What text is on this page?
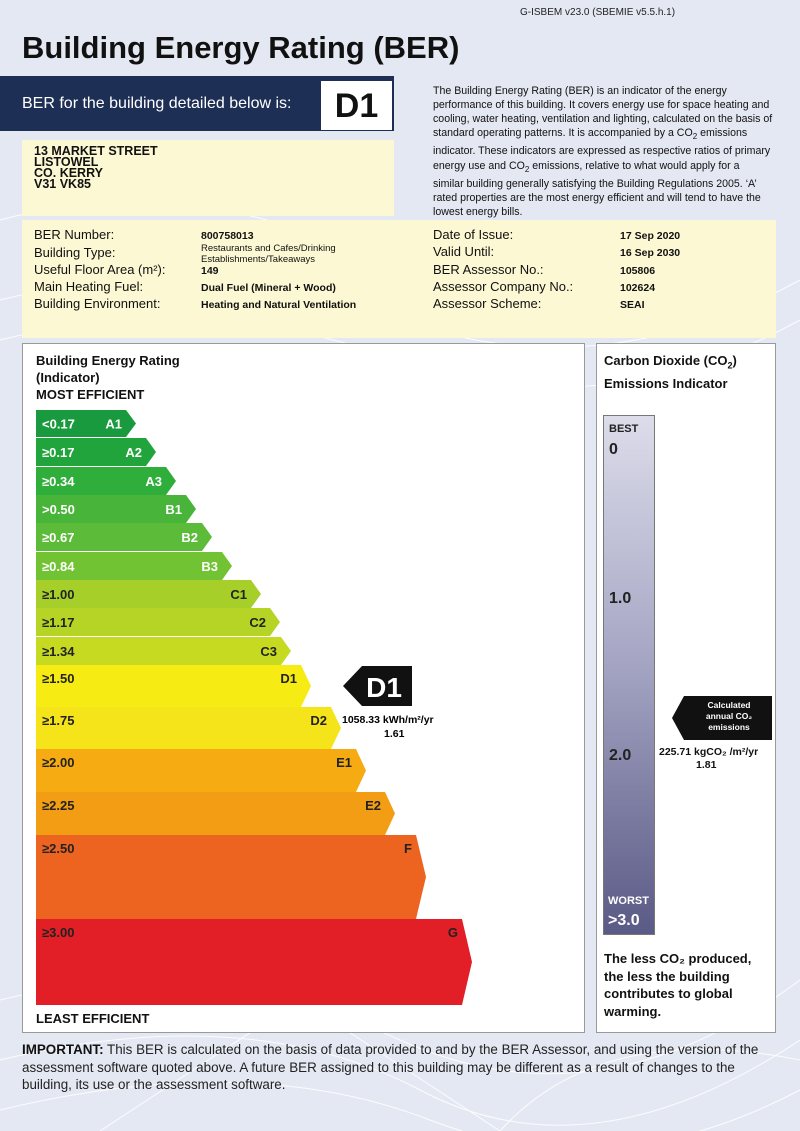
G-ISBEM v23.0 (SBEMIE v5.5.h.1)
Building Energy Rating (BER)
BER for the building detailed below is:	D1	The Building Energy Rating (BER) is an indicator of the energy performance of this building. It covers energy use for space heating and cooling, water heating, ventilation and lighting, calculated on the basis of standard operating patterns. It is accompanied by a $CO_2$ emissions indicator. These indicators are expressed as respective ratios of primary energy use and $CO_2$ emissions, relative to what would apply for a similar building generally satisfying the Building Regulations 2005. ‘A’ rated properties are the most energy efficient and will tend to have the lowest energy bills.
13 MARKET STREET
LISTOWEL
CO. KERRY
V31 VK85
BER Number:	800758013
Building Type:	Restaurants and Cafes/Drinking Establishments/Takeaways
Useful Floor Area (m²):	149
Main Heating Fuel:	Dual Fuel (Mineral + Wood)
Building Environment:	Heating and Natural Ventilation
Date of Issue:	17 Sep 2020
Valid Until:	16 Sep 2030
BER Assessor No.:	105806
Assessor Company No.:	102624
Assessor Scheme:	SEAI
Building Energy Rating
(Indicator)
MOST EFFICIENT
<0.17 A1
≥0.17	A2
≥0.34	A3
>0.50	B1
≥0.67	B2
≥0.84	B3
≥1.00	C1
≥1.17	C2
≥1.34	C3
≥1.50	D1
≥1.75	D2
≥2.00	E1
≥2.25	E2
≥2.50	F
≥3.00	G
D1
1058.33 kWh/m²/yr
1.61
LEAST EFFICIENT
Carbon Dioxide $(CO_2)$
Emissions Indicator
BEST
0
1.0
2.0
WORST
>3.0
Calculated
annual CO₂
emissions
225.71 kgCO₂ /m²/yr
1.81
The less CO₂ produced, the less the building contributes to global warming.
IMPORTANT: This BER is calculated on the basis of data provided to and by the BER Assessor, and using the version of the assessment software quoted above. A future BER assigned to this building may be different as a result of changes to the building, its use or the assessment software.
